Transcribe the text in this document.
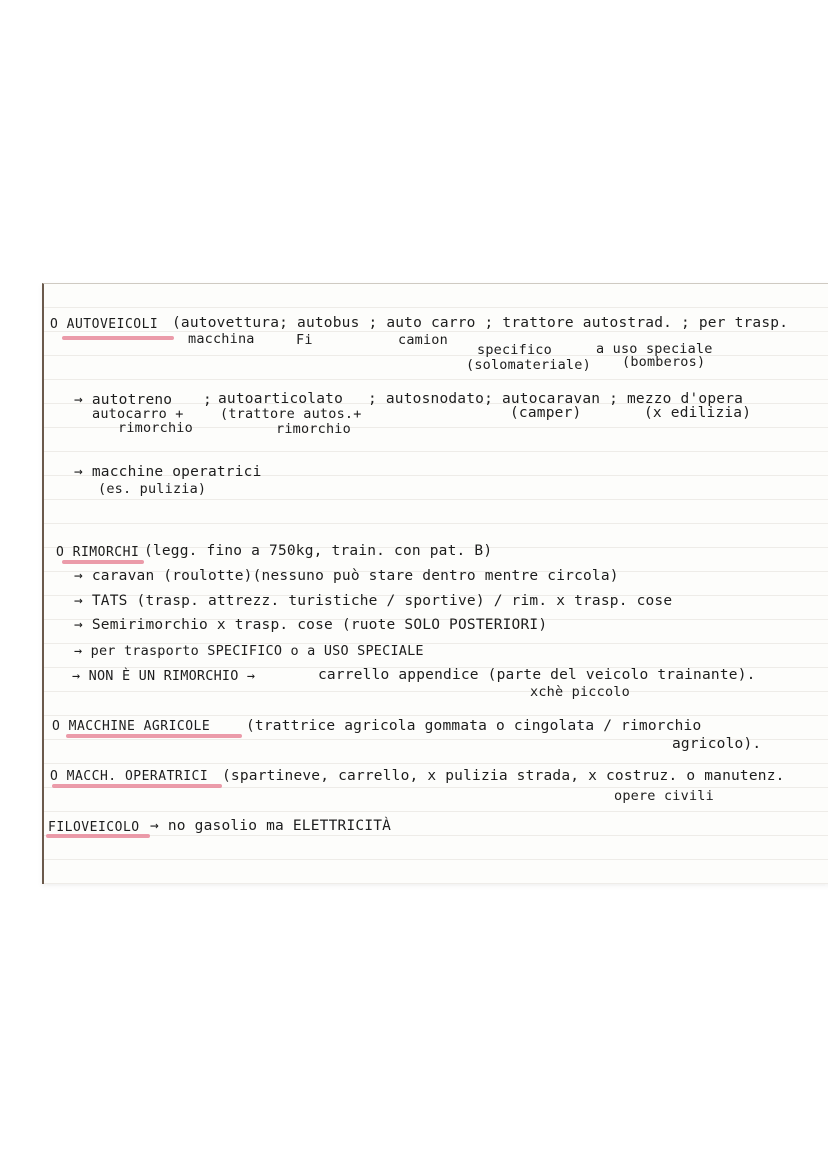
O AUTOVEICOLI (autovettura; autobus ; auto carro ; trattore autostrad. ; per trasp.
macchina	Fi	camion
specifico
(solomateriale)
a uso speciale
(bomberos)
→ autotreno ; autoarticolato ; autosnodato; autocaravan ; mezzo d'opera
autocarro +
rimorchio
(trattore autos.+
rimorchio
(camper)	(x edilizia)
→ macchine operatrici
(es. pulizia)
O RIMORCHI (legg. fino a 750kg, train. con pat. B)
→ caravan (roulotte)(nessuno può stare dentro mentre circola)
→ TATS (trasp. attrezz. turistiche / sportive) / rim. x trasp. cose
→ Semirimorchio x trasp. cose (ruote SOLO POSTERIORI)
→ per trasporto SPECIFICO o a USO SPECIALE
→ NON È UN RIMORCHIO →	carrello appendice (parte del veicolo trainante).
xchè piccolo
O MACCHINE AGRICOLE (trattrice agricola gommata o cingolata / rimorchio
agricolo).
O MACCH. OPERATRICI (spartineve, carrello, x pulizia strada, x costruz. o manutenz.
opere civili
FILOVEICOLO → no gasolio ma ELETTRICITÀ
